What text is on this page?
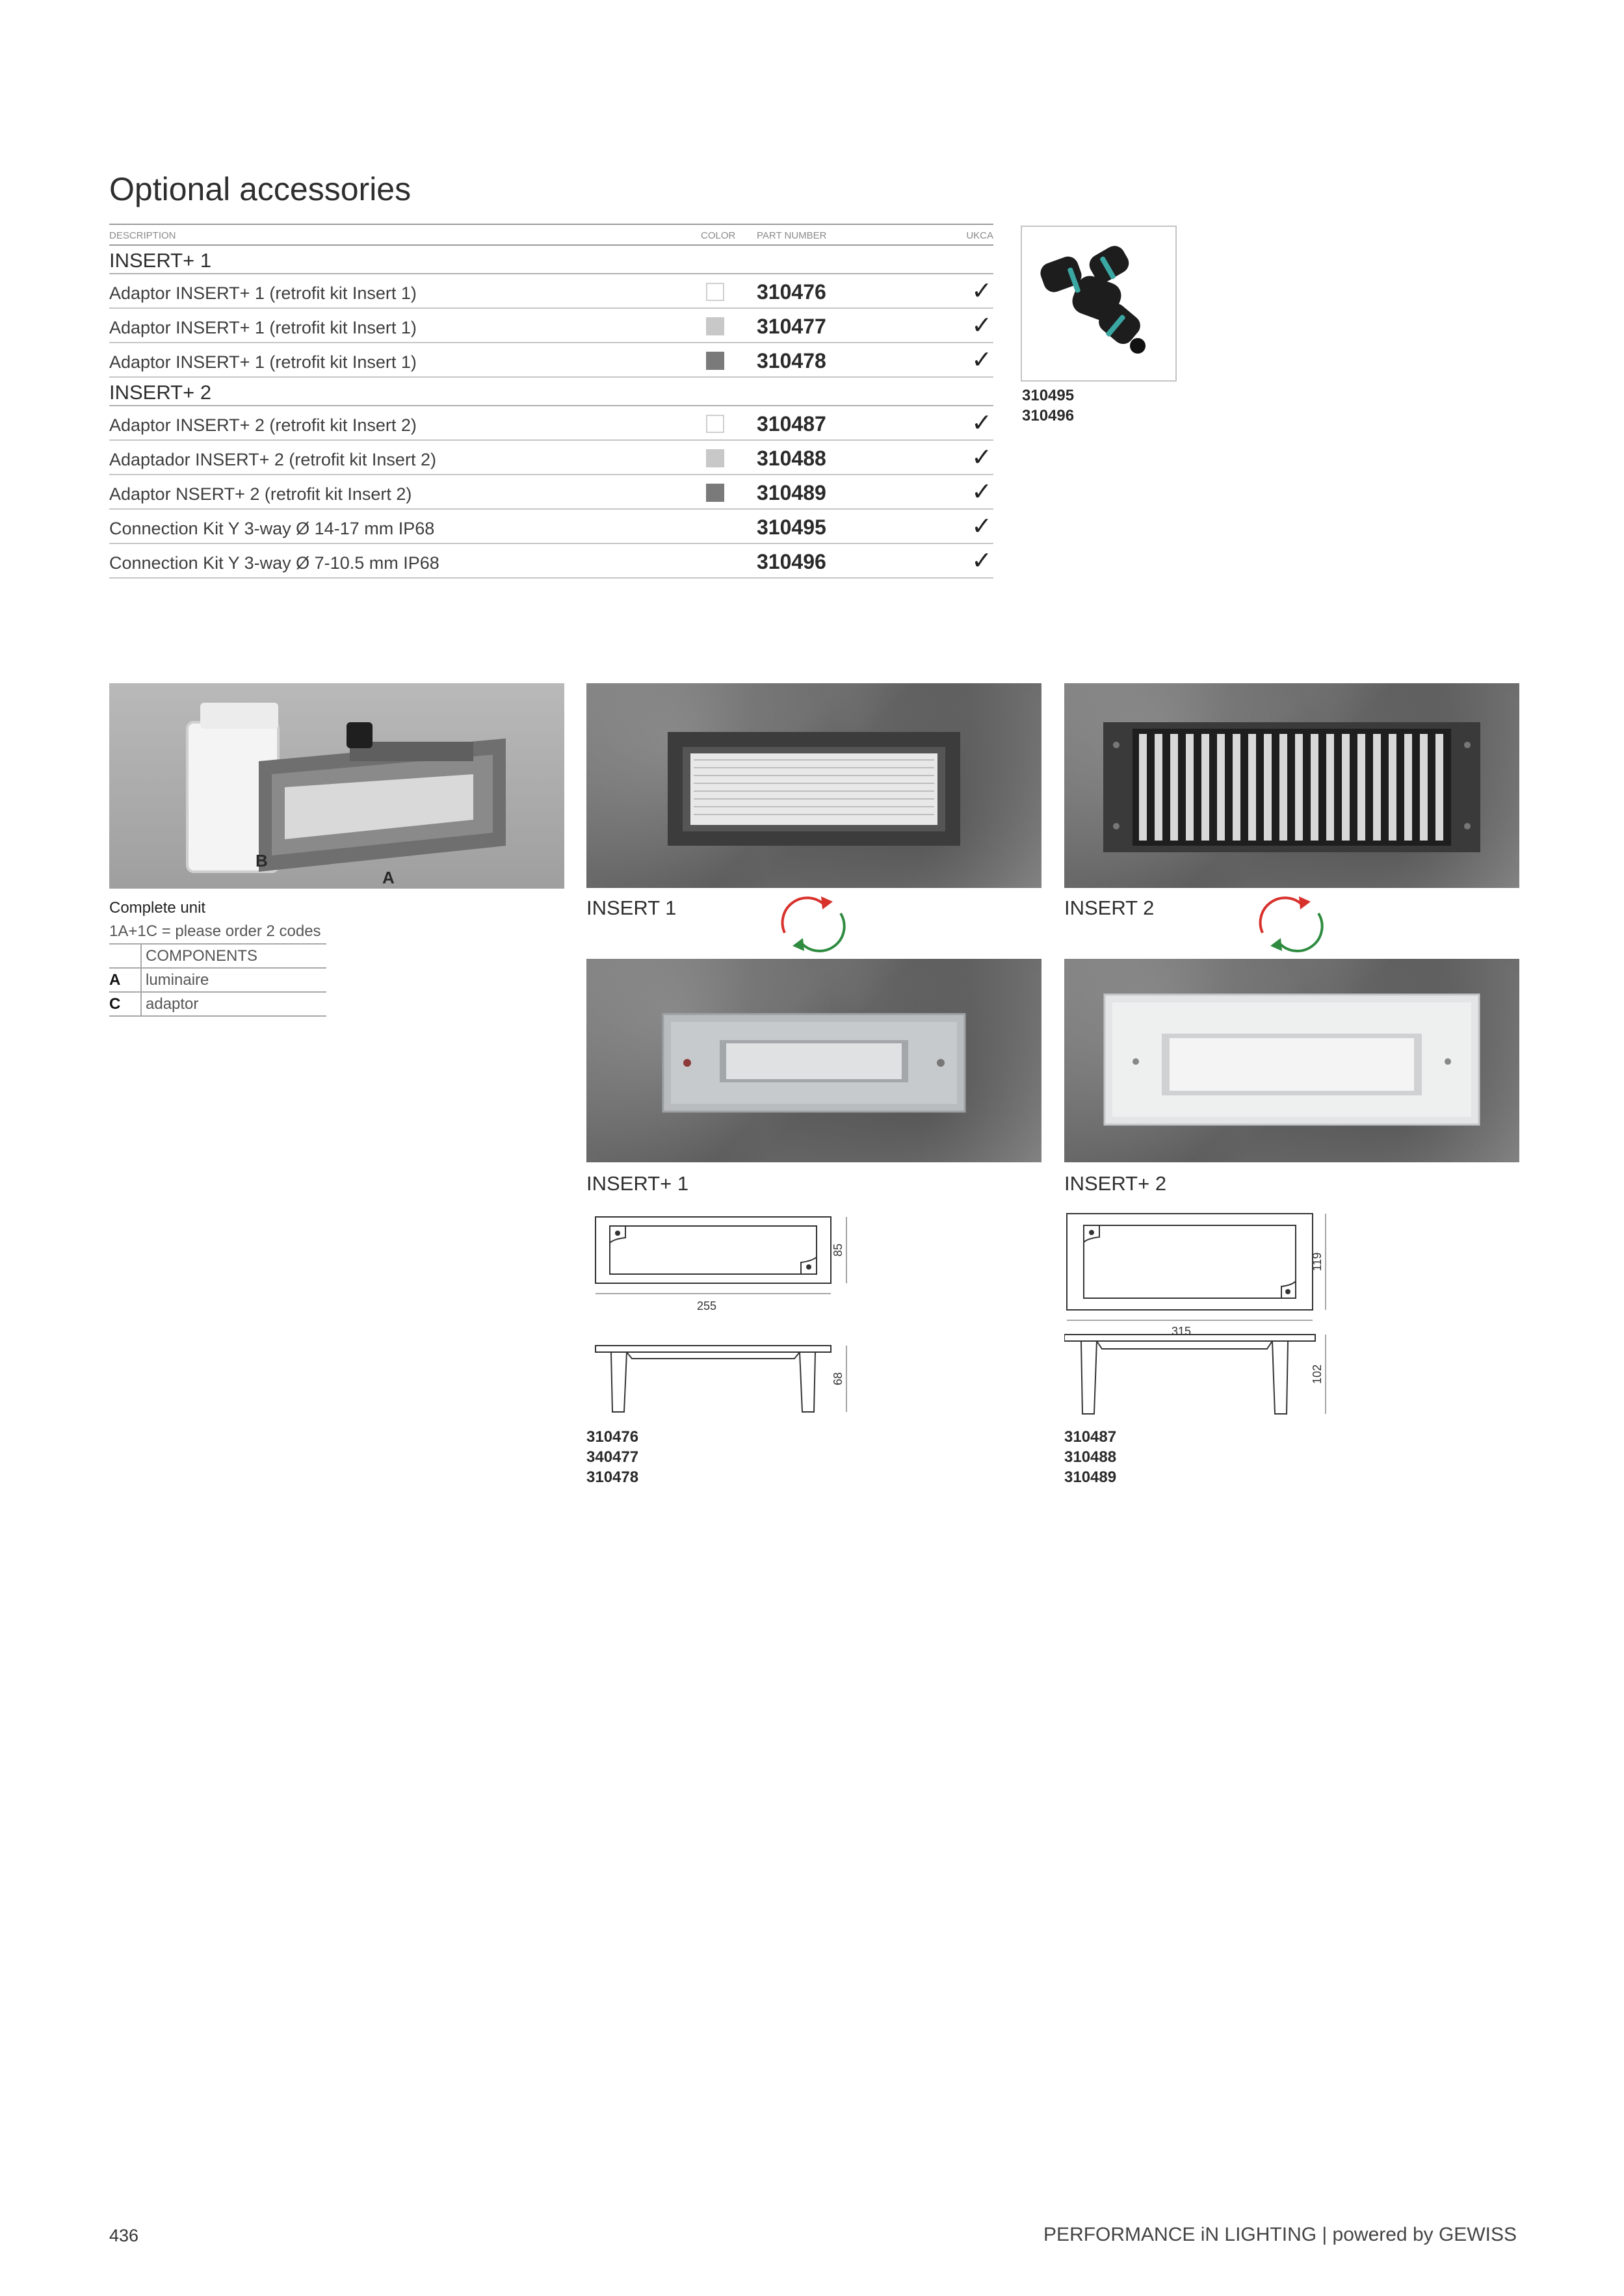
Optional accessories
DESCRIPTION	COLOR PART NUMBER	UKCA
INSERT+ 1
Adaptor INSERT+ 1 (retrofit kit Insert 1)	310476	✓
Adaptor INSERT+ 1 (retrofit kit Insert 1)	310477	✓
Adaptor INSERT+ 1 (retrofit kit Insert 1)	310478	✓
INSERT+ 2
Adaptor INSERT+ 2 (retrofit kit Insert 2)	310487	✓
Adaptador INSERT+ 2 (retrofit kit Insert 2)	310488	✓
Adaptor NSERT+ 2 (retrofit kit Insert 2)	310489	✓
Connection Kit Y 3-way Ø 14-17 mm IP68	310495	✓
Connection Kit Y 3-way Ø 7-10.5 mm IP68	310496	✓
310495
310496
B
A
Complete unit
1A+1C = please order 2 codes
	COMPONENTS
A	luminaire
C	adaptor
INSERT 1	INSERT 2
INSERT+ 1	INSERT+ 2
255
85
68
310476
340477
310478
315
119
102
310487
310488
310489
436	PERFORMANCE iN LIGHTING | powered by GEWISS
